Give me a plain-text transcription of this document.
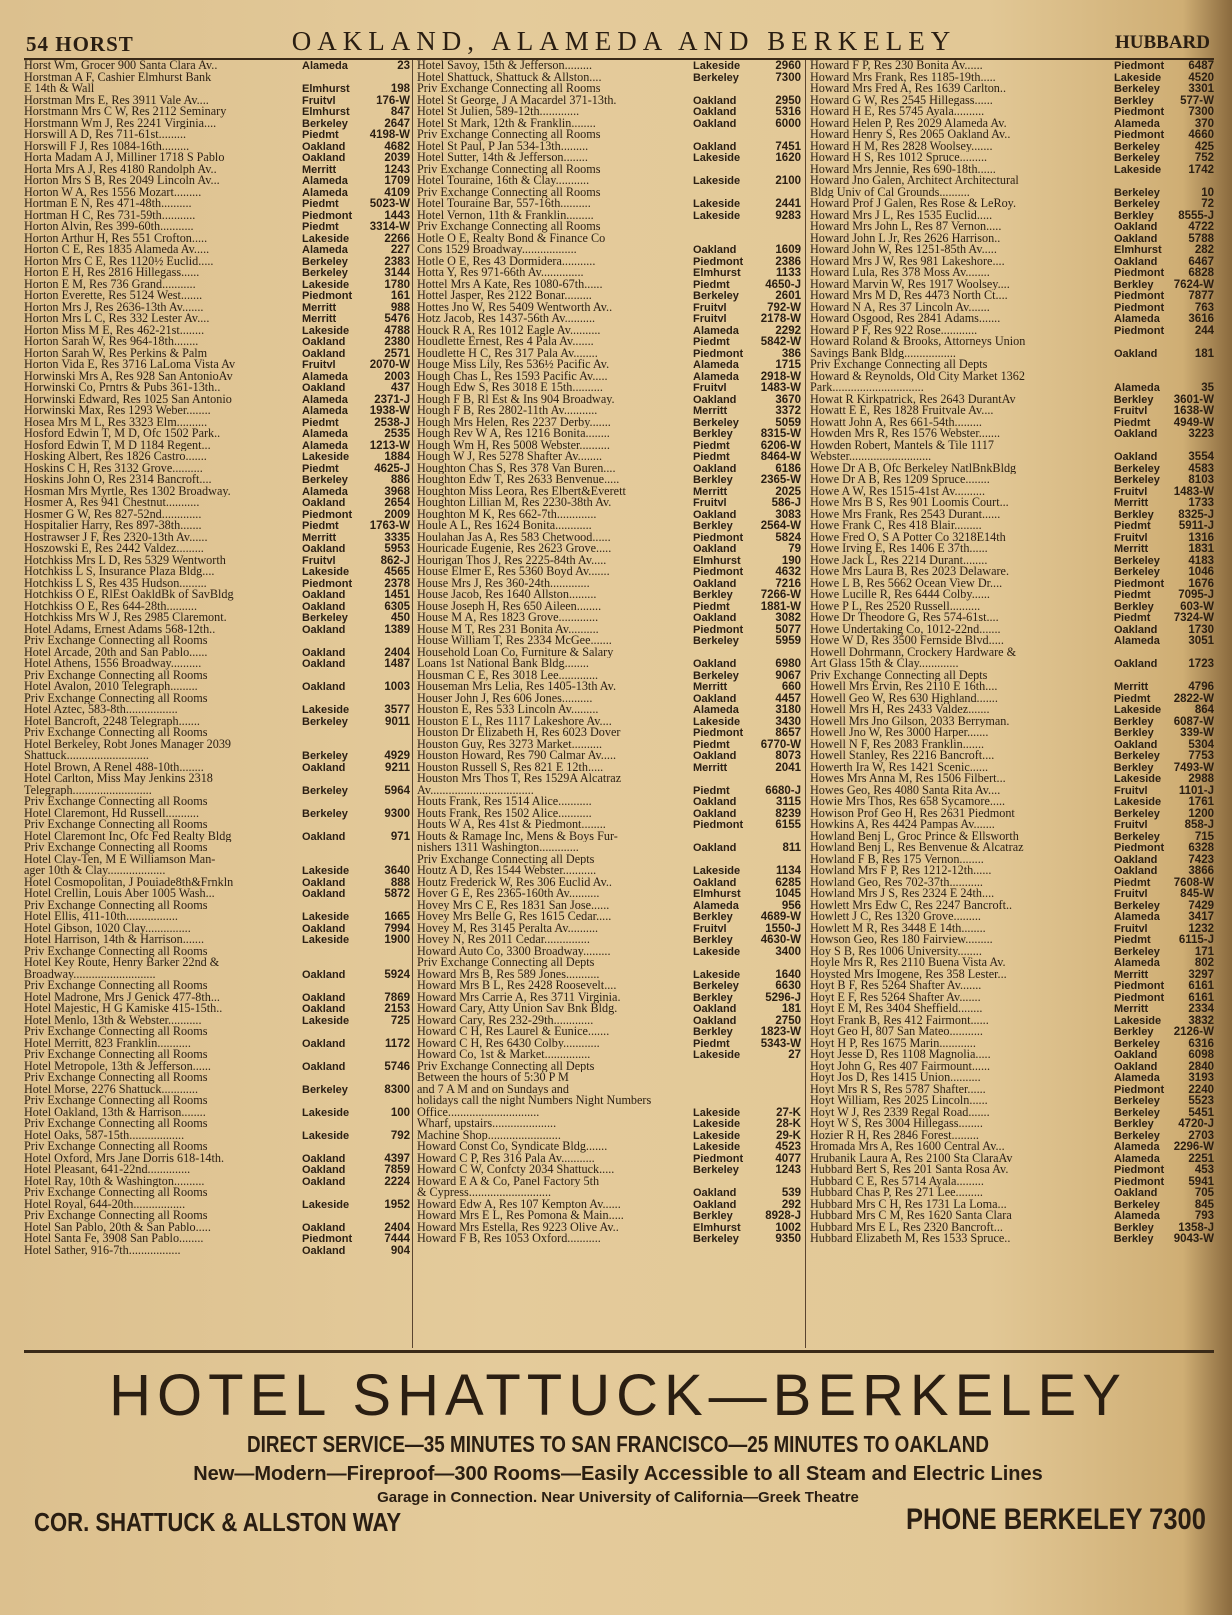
54 HORST	OAKLAND, ALAMEDA AND BERKELEY	HUBBARD
Horst Wm, Grocer 900 Santa Clara Av..	Alameda	23
Horstman A F, Cashier Elmhurst Bank
E 14th & Wall	Elmhurst	198
Horstman Mrs E, Res 3911 Vale Av....	Fruitvl	176-W
Horstmann Mrs C W, Res 2112 Seminary	Elmhurst	847
Horstmann Wm J, Res 2241 Virginia....	Berkeley	2647
Horswill A D, Res 711-61st.........	Piedmt	4198-W
Horswill F J, Res 1084-16th.........	Oakland	4682
Horta Madam A J, Milliner 1718 S Pablo	Oakland	2039
Horta Mrs A J, Res 4180 Randolph Av..	Merritt	1243
Horton Mrs S B, Res 2049 Lincoln Av...	Alameda	1709
Horton W A, Res 1556 Mozart.........	Alameda	4109
Hortman E N, Res 471-48th..........	Piedmt	5023-W
Hortman H C, Res 731-59th...........	Piedmont	1443
Horton Alvin, Res 399-60th...........	Piedmt	3314-W
Horton Arthur H, Res 551 Crofton.....	Lakeside	2266
Horton C E, Res 1835 Alameda Av.....	Alameda	227
Horton Mrs C E, Res 1120½ Euclid.....	Berkeley	2383
Horton E H, Res 2816 Hillegass......	Berkeley	3144
Horton E M, Res 736 Grand...........	Lakeside	1780
Horton Everette, Res 5124 West.......	Piedmont	161
Horton Mrs J, Res 2636-13th Av.......	Merritt	988
Horton Mrs L C, Res 332 Lester Av....	Merritt	5476
Horton Miss M E, Res 462-21st........	Lakeside	4788
Horton Sarah W, Res 964-18th........	Oakland	2380
Horton Sarah W, Res Perkins & Palm	Oakland	2571
Horton Vida E, Res 3716 LaLoma Vista Av	Fruitvl	2070-W
Horwinski Mrs A, Res 928 San AntonioAv	Alameda	2003
Horwinski Co, Prntrs & Pubs 361-13th..	Oakland	437
Horwinski Edward, Res 1025 San Antonio	Alameda	2371-J
Horwinski Max, Res 1293 Weber........	Alameda	1938-W
Hosea Mrs M L, Res 3323 Elm..........	Piedmt	2538-J
Hosford Edwin T, M D, Ofc 1502 Park..	Alameda	2535
Hosford Edwin T, M D 1184 Regent...	Alameda	1213-W
Hosking Albert, Res 1826 Castro.......	Lakeside	1884
Hoskins C H, Res 3132 Grove..........	Piedmt	4625-J
Hoskins John O, Res 2314 Bancroft....	Berkeley	886
Hosman Mrs Myrtle, Res 1302 Broadway.	Alameda	3968
Hosmer A, Res 941 Chestnut...........	Oakland	2654
Hosmer G W, Res 827-52nd.............	Piedmont	2009
Hospitalier Harry, Res 897-38th.......	Piedmt	1763-W
Hostrawser J F, Res 2320-13th Av......	Merritt	3335
Hoszowski E, Res 2442 Valdez.........	Oakland	5953
Hotchkiss Mrs L D, Res 5329 Wentworth	Fruitvl	862-J
Hotchkiss L S, Insurance Plaza Bldg....	Lakeside	4565
Hotchkiss L S, Res 435 Hudson.........	Piedmont	2378
Hotchkiss O E, RlEst OakldBk of SavBldg	Oakland	1451
Hotchkiss O E, Res 644-28th..........	Oakland	6305
Hotchkiss Mrs W J, Res 2985 Claremont.	Berkeley	450
Hotel Adams, Ernest Adams 568-12th..	Oakland	1389
Priv Exchange Connecting all Rooms
Hotel Arcade, 20th and San Pablo......	Oakland	2404
Hotel Athens, 1556 Broadway..........	Oakland	1487
Priv Exchange Connecting all Rooms
Hotel Avalon, 2010 Telegraph.........	Oakland	1003
Priv Exchange Connecting all Rooms
Hotel Aztec, 583-8th.................	Lakeside	3577
Hotel Bancroft, 2248 Telegraph.......	Berkeley	9011
Priv Exchange Connecting all Rooms
Hotel Berkeley, Robt Jones Manager 2039
Shattuck...........................	Berkeley	4929
Hotel Brown, A Renel 488-10th........	Oakland	9211
Hotel Carlton, Miss May Jenkins 2318
Telegraph..........................	Berkeley	5964
Priv Exchange Connecting all Rooms
Hotel Claremont, Hd Russell...........	Berkeley	9300
Priv Exchange Connecting all Rooms
Hotel Claremont Inc, Ofc Fed Realty Bldg	Oakland	971
Priv Exchange Connecting all Rooms
Hotel Clay-Ten, M E Williamson Man-
ager 10th & Clay...................	Lakeside	3640
Hotel Cosmopolitan, J Pouiade8th&Frnkln	Oakland	888
Hotel Crellin, Louis Aber 1005 Wash...	Oakland	5872
Priv Exchange Connecting all Rooms
Hotel Ellis, 411-10th.................	Lakeside	1665
Hotel Gibson, 1020 Clay...............	Oakland	7994
Hotel Harrison, 14th & Harrison.......	Lakeside	1900
Priv Exchange Connecting all Rooms
Hotel Key Route, Henry Barker 22nd &
Broadway...........................	Oakland	5924
Priv Exchange Connecting all Rooms
Hotel Madrone, Mrs J Genick 477-8th...	Oakland	7869
Hotel Majestic, H G Kamiske 415-15th..	Oakland	2153
Hotel Menlo, 13th & Webster...........	Lakeside	725
Priv Exchange Connecting all Rooms
Hotel Merritt, 823 Franklin...........	Oakland	1172
Priv Exchange Connecting all Rooms
Hotel Metropole, 13th & Jefferson......	Oakland	5746
Priv Exchange Connecting all Rooms
Hotel Morse, 2276 Shattuck............	Berkeley	8300
Priv Exchange Connecting all Rooms
Hotel Oakland, 13th & Harrison........	Lakeside	100
Priv Exchange Connecting all Rooms
Hotel Oaks, 587-15th..................	Lakeside	792
Priv Exchange Connecting all Rooms
Hotel Oxford, Mrs Jane Dorris 618-14th.	Oakland	4397
Hotel Pleasant, 641-22nd..............	Oakland	7859
Hotel Ray, 10th & Washington..........	Oakland	2224
Priv Exchange Connecting all Rooms
Hotel Royal, 644-20th.................	Lakeside	1952
Priv Exchange Connecting all Rooms
Hotel San Pablo, 20th & San Pablo.....	Oakland	2404
Hotel Santa Fe, 3908 San Pablo........	Piedmont	7444
Hotel Sather, 916-7th.................	Oakland	904
Hotel Savoy, 15th & Jefferson.........	Lakeside	2960
Hotel Shattuck, Shattuck & Allston....	Berkeley	7300
Priv Exchange Connecting all Rooms
Hotel St George, J A Macardel 371-13th.	Oakland	2950
Hotel St Julien, 589-12th.............	Oakland	5316
Hotel St Mark, 12th & Franklin........	Oakland	6000
Priv Exchange Connecting all Rooms
Hotel St Paul, P Jan 534-13th.........	Oakland	7451
Hotel Sutter, 14th & Jefferson........	Lakeside	1620
Priv Exchange Connecting all Rooms
Hotel Touraine, 16th & Clay...........	Lakeside	2100
Priv Exchange Connecting all Rooms
Hotel Touraine Bar, 557-16th..........	Lakeside	2441
Hotel Vernon, 11th & Franklin.........	Lakeside	9283
Priv Exchange Connecting all Rooms
Hotle O E, Realty Bond & Finance Co
Cons 1529 Broadway..................	Oakland	1609
Hotle O E, Res 43 Dormidera...........	Piedmont	2386
Hotta Y, Res 971-66th Av..............	Elmhurst	1133
Hottel Mrs A Kate, Res 1080-67th......	Piedmt	4650-J
Hottel Jasper, Res 2122 Bonar.........	Berkeley	2601
Hottes Jno W, Res 5409 Wentworth Av..	Fruitvl	792-W
Hotz Jacob, Res 1437-56th Av..........	Fruitvl	2178-W
Houck R A, Res 1012 Eagle Av..........	Alameda	2292
Houdlette Ernest, Res 4 Pala Av.......	Piedmt	5842-W
Houdlette H C, Res 317 Pala Av........	Piedmont	386
Houge Miss Lily, Res 536½ Pacific Av.	Alameda	1715
Hough Chas L, Res 1593 Pacific Av.....	Alameda	2918-W
Hough Edw S, Res 3018 E 15th..........	Fruitvl	1483-W
Hough F B, Rl Est & Ins 904 Broadway.	Oakland	3670
Hough F B, Res 2802-11th Av...........	Merritt	3372
Hough Mrs Helen, Res 2237 Derby.......	Berkeley	5059
Hough Rev W A, Res 1216 Bonita........	Berkley	8315-W
Hough Wm H, Res 5008 Webster..........	Piedmt	6206-W
Hough W J, Res 5278 Shafter Av........	Piedmt	8464-W
Houghton Chas S, Res 378 Van Buren....	Oakland	6186
Houghton Edw T, Res 2633 Benvenue.....	Berkley	2365-W
Houghton Miss Leora, Res Elbert&Everett	Merritt	2025
Houghton Lillian M, Res 2230-38th Av.	Fruitvl	586-J
Houghton M K, Res 662-7th.............	Oakland	3083
Houle A L, Res 1624 Bonita............	Berkley	2564-W
Houlahan Jas A, Res 583 Chetwood......	Piedmont	5824
Houricade Eugenie, Res 2623 Grove.....	Oakland	79
Hourigan Thos J, Res 2225-84th Av.....	Elmhurst	190
House Elmer E, Res 5360 Boyd Av.......	Piedmont	4632
House Mrs J, Res 360-24th.............	Oakland	7216
House Jacob, Res 1640 Allston.........	Berkley	7266-W
House Joseph H, Res 650 Aileen........	Piedmt	1881-W
House M A, Res 1823 Grove.............	Oakland	3082
House M T, Res 231 Bonita Av..........	Piedmont	5077
House William T, Res 2334 McGee.......	Berkeley	5959
Household Loan Co, Furniture & Salary
Loans 1st National Bank Bldg........	Oakland	6980
Housman C E, Res 3018 Lee.............	Berkeley	9067
Houseman Mrs Lelia, Res 1405-13th Av.	Merritt	660
Houser John J, Res 606 Jones..........	Oakland	4457
Houston E, Res 533 Lincoln Av.........	Alameda	3180
Houston E L, Res 1117 Lakeshore Av....	Lakeside	3430
Houston Dr Elizabeth H, Res 6023 Dover	Piedmont	8657
Houston Guy, Res 3273 Market..........	Piedmt	6770-W
Houston Howard, Res 790 Calmar Av.....	Oakland	8073
Houston Russell S, Res 821 E 12th.....	Merritt	2041
Houston Mrs Thos T, Res 1529A Alcatraz
Av..................................	Piedmt	6680-J
Houts Frank, Res 1514 Alice...........	Oakland	3115
Houts Frank, Res 1502 Alice...........	Oakland	8239
Houts W A, Res 41st & Piedmont........	Piedmont	6155
Houts & Ramage Inc, Mens & Boys Fur-
nishers 1311 Washington.............	Oakland	811
Priv Exchange Connecting all Depts
Houtz A D, Res 1544 Webster...........	Lakeside	1134
Houtz Frederick W, Res 306 Euclid Av..	Oakland	6285
Hover G E, Res 2365-160th Av..........	Elmhurst	1045
Hovey Mrs C E, Res 1831 San Jose......	Alameda	956
Hovey Mrs Belle G, Res 1615 Cedar.....	Berkley	4689-W
Hovey M, Res 3145 Peralta Av..........	Fruitvl	1550-J
Hovey N, Res 2011 Cedar...............	Berkley	4630-W
Howard Auto Co, 3300 Broadway.........	Lakeside	3400
Priv Exchange Connecting all Depts
Howard Mrs B, Res 589 Jones...........	Lakeside	1640
Howard Mrs B L, Res 2428 Roosevelt....	Berkeley	6630
Howard Mrs Carrie A, Res 3711 Virginia.	Berkley	5296-J
Howard Cary, Atty Union Sav Bnk Bldg.	Oakland	181
Howard Cary, Res 232-29th.............	Oakland	2750
Howard C H, Res Laurel & Eunice.......	Berkley	1823-W
Howard C H, Res 6430 Colby............	Piedmt	5343-W
Howard Co, 1st & Market...............	Lakeside	27
Priv Exchange Connecting all Depts
Between the hours of 5:30 P M
and 7 A M and on Sundays and
holidays call the night Numbers Night Numbers
Office..............................	Lakeside	27-K
Wharf, upstairs.....................	Lakeside	28-K
Machine Shop........................	Lakeside	29-K
Howard Const Co, Syndicate Bldg.......	Lakeside	4523
Howard C P, Res 316 Pala Av...........	Piedmont	4077
Howard C W, Confcty 2034 Shattuck.....	Berkeley	1243
Howard E A & Co, Panel Factory 5th
& Cypress...........................	Oakland	539
Howard Edw A, Res 107 Kempton Av......	Oakland	292
Howard Mrs E L, Res Pomona & Main.....	Berkley	8928-J
Howard Mrs Estella, Res 9223 Olive Av..	Elmhurst	1002
Howard F B, Res 1053 Oxford...........	Berkeley	9350
Howard F P, Res 230 Bonita Av......	Piedmont	6487
Howard Mrs Frank, Res 1185-19th.....	Lakeside	4520
Howard Mrs Fred A, Res 1639 Carlton..	Berkeley	3301
Howard G W, Res 2545 Hillegass......	Berkley	577-W
Howard H E, Res 5745 Ayala..........	Piedmont	7300
Howard Helen P, Res 2029 Alameda Av.	Alameda	370
Howard Henry S, Res 2065 Oakland Av..	Piedmont	4660
Howard H M, Res 2828 Woolsey.......	Berkeley	425
Howard H S, Res 1012 Spruce.........	Berkeley	752
Howard Mrs Jennie, Res 690-18th......	Lakeside	1742
Howard Jno Galen, Architect Architectural
Bldg Univ of Cal Grounds..........	Berkeley	10
Howard Prof J Galen, Res Rose & LeRoy.	Berkeley	72
Howard Mrs J L, Res 1535 Euclid.....	Berkley	8555-J
Howard Mrs John L, Res 87 Vernon.....	Oakland	4722
Howard John L Jr, Res 2626 Harrison..	Oakland	5788
Howard John W, Res 1251-85th Av.....	Elmhurst	282
Howard Mrs J W, Res 981 Lakeshore....	Oakland	6467
Howard Lula, Res 378 Moss Av........	Piedmont	6828
Howard Marvin W, Res 1917 Woolsey....	Berkley	7624-W
Howard Mrs M D, Res 4473 North Ct....	Piedmont	7877
Howard N A, Res 37 Lincoln Av.......	Piedmont	763
Howard Osgood, Res 2841 Adams.......	Alameda	3616
Howard P F, Res 922 Rose............	Piedmont	244
Howard Roland & Brooks, Attorneys Union
Savings Bank Bldg.................	Oakland	181
Priv Exchange Connecting all Depts
Howard & Reynolds, Old City Market 1362
Park..............................	Alameda	35
Howat R Kirkpatrick, Res 2643 DurantAv	Berkley	3601-W
Howatt E E, Res 1828 Fruitvale Av....	Fruitvl	1638-W
Howatt John A, Res 661-54th.........	Piedmt	4949-W
Howden Mrs R, Res 1576 Webster.......	Oakland	3223
Howden Robert, Mantels & Tile 1117
Webster...........................	Oakland	3554
Howe Dr A B, Ofc Berkeley NatlBnkBldg	Berkeley	4583
Howe Dr A B, Res 1209 Spruce........	Berkeley	8103
Howe A W, Res 1515-41st Av..........	Fruitvl	1483-W
Howe Mrs B S, Res 901 Loomis Court...	Merritt	1733
Howe Mrs Frank, Res 2543 Durant......	Berkley	8325-J
Howe Frank C, Res 418 Blair.........	Piedmt	5911-J
Howe Fred O, S A Potter Co 3218E14th	Fruitvl	1316
Howe Irving E, Res 1406 E 37th......	Merritt	1831
Howe Jack L, Res 2214 Durant........	Berkeley	4183
Howe Mrs Laura B, Res 2023 Delaware.	Berkeley	1046
Howe L B, Res 5662 Ocean View Dr....	Piedmont	1676
Howe Lucille R, Res 6444 Colby......	Piedmt	7095-J
Howe P L, Res 2520 Russell..........	Berkley	603-W
Howe Dr Theodore G, Res 574-61st....	Piedmt	7324-W
Howe Undertaking Co, 1012-22nd.......	Oakland	1730
Howe W D, Res 3500 Fernside Blvd.....	Alameda	3051
Howell Dohrmann, Crockery Hardware &
Art Glass 15th & Clay.............	Oakland	1723
Priv Exchange Connecting all Depts
Howell Mrs Ervin, Res 2110 E 16th....	Merritt	4796
Howell Geo W, Res 630 Highland.......	Piedmt	2822-W
Howell Mrs H, Res 2433 Valdez.......	Lakeside	864
Howell Mrs Jno Gilson, 2033 Berryman.	Berkley	6087-W
Howell Jno W, Res 3000 Harper.......	Berkley	339-W
Howell N F, Res 2083 Franklin.......	Oakland	5304
Howell Stanley, Res 2216 Bancroft....	Berkeley	7753
Howerth Ira W, Res 1421 Scenic......	Berkley	7493-W
Howes Mrs Anna M, Res 1506 Filbert...	Lakeside	2988
Howes Geo, Res 4080 Santa Rita Av....	Fruitvl	1101-J
Howie Mrs Thos, Res 658 Sycamore.....	Lakeside	1761
Howison Prof Geo H, Res 2631 Piedmont	Berkeley	1200
Howkins A, Res 4424 Pampas Av.......	Fruitvl	858-J
Howland Benj L, Groc Prince & Ellsworth	Berkeley	715
Howland Benj L, Res Benvenue & Alcatraz	Piedmont	6328
Howland F B, Res 175 Vernon........	Oakland	7423
Howland Mrs F P, Res 1212-12th......	Oakland	3866
Howland Geo, Res 702-37th...........	Piedmt	7608-W
Howland Mrs J S, Res 2324 E 24th....	Fruitvl	845-W
Howlett Mrs Edw C, Res 2247 Bancroft..	Berkeley	7429
Howlett J C, Res 1320 Grove.........	Alameda	3417
Howlett M R, Res 3448 E 14th........	Fruitvl	1232
Howson Geo, Res 180 Fairview.........	Piedmt	6115-J
Hoy S B, Res 1006 University........	Berkeley	171
Hoyle Mrs R, Res 2110 Buena Vista Av.	Alameda	802
Hoysted Mrs Imogene, Res 358 Lester...	Merritt	3297
Hoyt B F, Res 5264 Shafter Av.......	Piedmont	6161
Hoyt E F, Res 5264 Shafter Av.......	Piedmont	6161
Hoyt E M, Res 3404 Sheffield........	Merritt	2334
Hoyt Frank B, Res 412 Fairmont......	Lakeside	3832
Hoyt Geo H, 807 San Mateo...........	Berkley	2126-W
Hoyt H P, Res 1675 Marin............	Berkeley	6316
Hoyt Jesse D, Res 1108 Magnolia.....	Oakland	6098
Hoyt John G, Res 407 Fairmount......	Oakland	2840
Hoyt Jos D, Res 1415 Union..........	Alameda	3193
Hoyt Mrs R S, Res 5787 Shafter......	Piedmont	2240
Hoyt William, Res 2025 Lincoln......	Berkeley	5523
Hoyt W J, Res 2339 Regal Road.......	Berkeley	5451
Hoyt W S, Res 3004 Hillegass........	Berkley	4720-J
Hozier R H, Res 2846 Forest.........	Berkeley	2703
Hromada Mrs A, Res 1600 Central Av...	Alameda	2296-W
Hrubanik Laura A, Res 2100 Sta ClaraAv	Alameda	2251
Hubbard Bert S, Res 201 Santa Rosa Av.	Piedmont	453
Hubbard C E, Res 5714 Ayala.........	Piedmont	5941
Hubbard Chas P, Res 271 Lee.........	Oakland	705
Hubbard Mrs C H, Res 1731 La Loma...	Berkeley	845
Hubbard Mrs C M, Res 1620 Santa Clara	Alameda	793
Hubbard Mrs E L, Res 2320 Bancroft...	Berkley	1358-J
Hubbard Elizabeth M, Res 1533 Spruce..	Berkley	9043-W
HOTEL SHATTUCK—BERKELEY
DIRECT SERVICE—35 MINUTES TO SAN FRANCISCO—25 MINUTES TO OAKLAND
New—Modern—Fireproof—300 Rooms—Easily Accessible to all Steam and Electric Lines
Garage in Connection. Near University of California—Greek Theatre
COR. SHATTUCK & ALLSTON WAY	PHONE BERKELEY 7300
